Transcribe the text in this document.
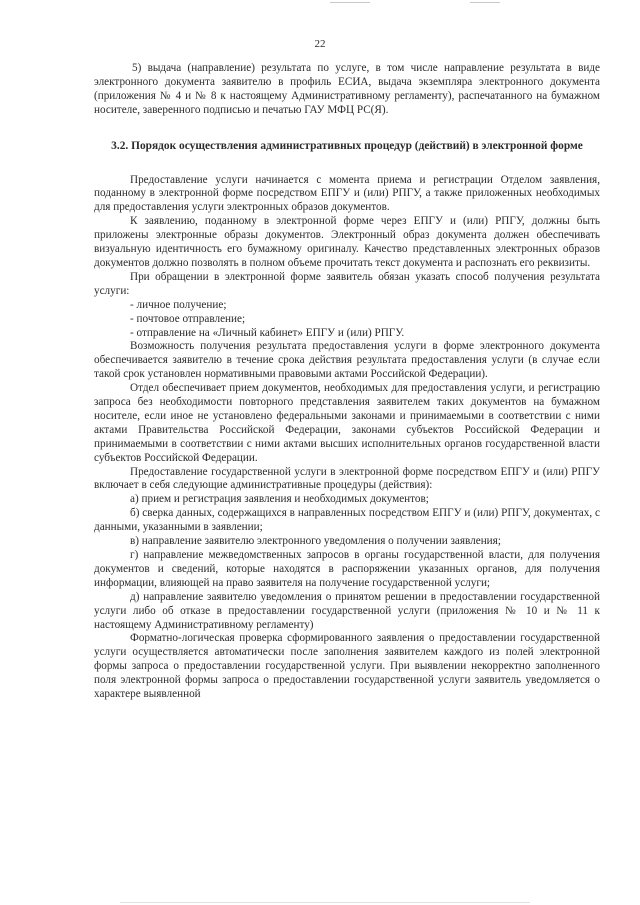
22

5) выдача (направление) результата по услуге, в том числе направление результата в виде электронного документа заявителю в профиль ЕСИА, выдача экземпляра электронного документа (приложения № 4 и № 8 к настоящему Административному регламенту), распечатанного на бумажном носителе, заверенного подписью и печатью ГАУ МФЦ РС(Я).

3.2. Порядок осуществления административных процедур (действий) в электронной форме

Предоставление услуги начинается с момента приема и регистрации Отделом заявления, поданному в электронной форме посредством ЕПГУ и (или) РПГУ, а также приложенных необходимых для предоставления услуги электронных образов документов.

К заявлению, поданному в электронной форме через ЕПГУ и (или) РПГУ, должны быть приложены электронные образы документов. Электронный образ документа должен обеспечивать визуальную идентичность его бумажному оригиналу. Качество представленных электронных образов документов должно позволять в полном объеме прочитать текст документа и распознать его реквизиты.

При обращении в электронной форме заявитель обязан указать способ получения результата услуги:

- личное получение;

- почтовое отправление;

- отправление на «Личный кабинет» ЕПГУ и (или) РПГУ.

Возможность получения результата предоставления услуги в форме электронного документа обеспечивается заявителю в течение срока действия результата предоставления услуги (в случае если такой срок установлен нормативными правовыми актами Российской Федерации).

Отдел обеспечивает прием документов, необходимых для предоставления услуги, и регистрацию запроса без необходимости повторного представления заявителем таких документов на бумажном носителе, если иное не установлено федеральными законами и принимаемыми в соответствии с ними актами Правительства Российской Федерации, законами субъектов Российской Федерации и принимаемыми в соответствии с ними актами высших исполнительных органов государственной власти субъектов Российской Федерации.

Предоставление государственной услуги в электронной форме посредством ЕПГУ и (или) РПГУ включает в себя следующие административные процедуры (действия):

а) прием и регистрация заявления и необходимых документов;

б) сверка данных, содержащихся в направленных посредством ЕПГУ и (или) РПГУ, документах, с данными, указанными в заявлении;

в) направление заявителю электронного уведомления о получении заявления;

г) направление межведомственных запросов в органы государственной власти, для получения документов и сведений, которые находятся в распоряжении указанных органов, для получения информации, влияющей на право заявителя на получение государственной услуги;

д) направление заявителю уведомления о принятом решении в предоставлении государственной услуги либо об отказе в предоставлении государственной услуги (приложения № 10 и № 11 к настоящему Административному регламенту)

Форматно-логическая проверка сформированного заявления о предоставлении государственной услуги осуществляется автоматически после заполнения заявителем каждого из полей электронной формы запроса о предоставлении государственной услуги. При выявлении некорректно заполненного поля электронной формы запроса о предоставлении государственной услуги заявитель уведомляется о характере выявленной
